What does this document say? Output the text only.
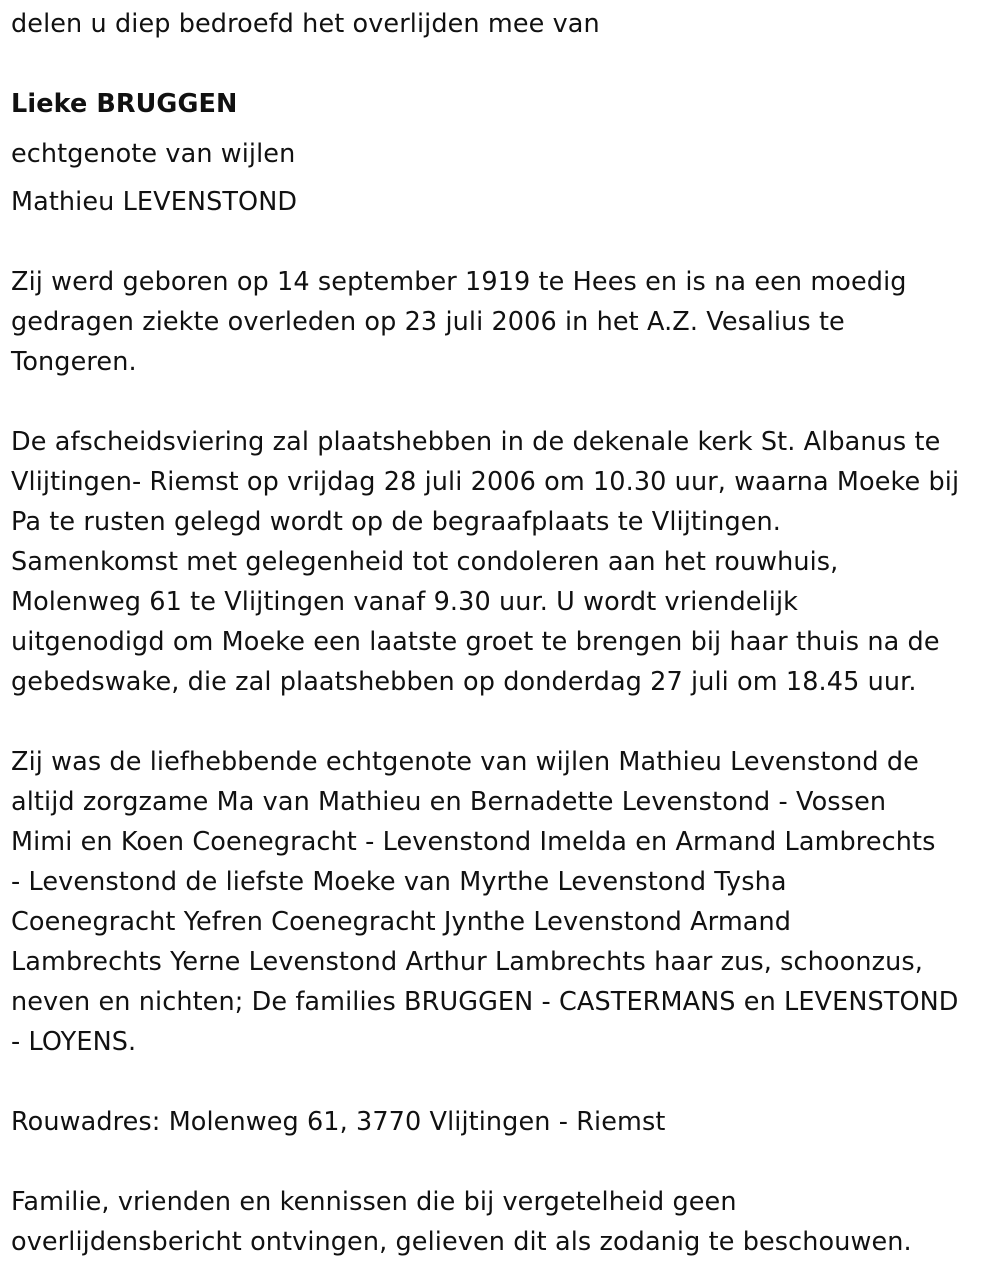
delen u diep bedroefd het overlijden mee van
Lieke BRUGGEN
echtgenote van wijlen
Mathieu LEVENSTOND
Zij werd geboren op 14 september 1919 te Hees en is na een moedig
gedragen ziekte overleden op 23 juli 2006 in het A.Z. Vesalius te
Tongeren.
De afscheidsviering zal plaatshebben in de dekenale kerk St. Albanus te
Vlijtingen- Riemst op vrijdag 28 juli 2006 om 10.30 uur, waarna Moeke bij
Pa te rusten gelegd wordt op de begraafplaats te Vlijtingen.
Samenkomst met gelegenheid tot condoleren aan het rouwhuis,
Molenweg 61 te Vlijtingen vanaf 9.30 uur. U wordt vriendelijk
uitgenodigd om Moeke een laatste groet te brengen bij haar thuis na de
gebedswake, die zal plaatshebben op donderdag 27 juli om 18.45 uur.
Zij was de liefhebbende echtgenote van wijlen Mathieu Levenstond de
altijd zorgzame Ma van Mathieu en Bernadette Levenstond - Vossen
Mimi en Koen Coenegracht - Levenstond Imelda en Armand Lambrechts
- Levenstond de liefste Moeke van Myrthe Levenstond Tysha
Coenegracht Yefren Coenegracht Jynthe Levenstond Armand
Lambrechts Yerne Levenstond Arthur Lambrechts haar zus, schoonzus,
neven en nichten; De families BRUGGEN - CASTERMANS en LEVENSTOND
- LOYENS.
Rouwadres: Molenweg 61, 3770 Vlijtingen - Riemst
Familie, vrienden en kennissen die bij vergetelheid geen
overlijdensbericht ontvingen, gelieven dit als zodanig te beschouwen.
